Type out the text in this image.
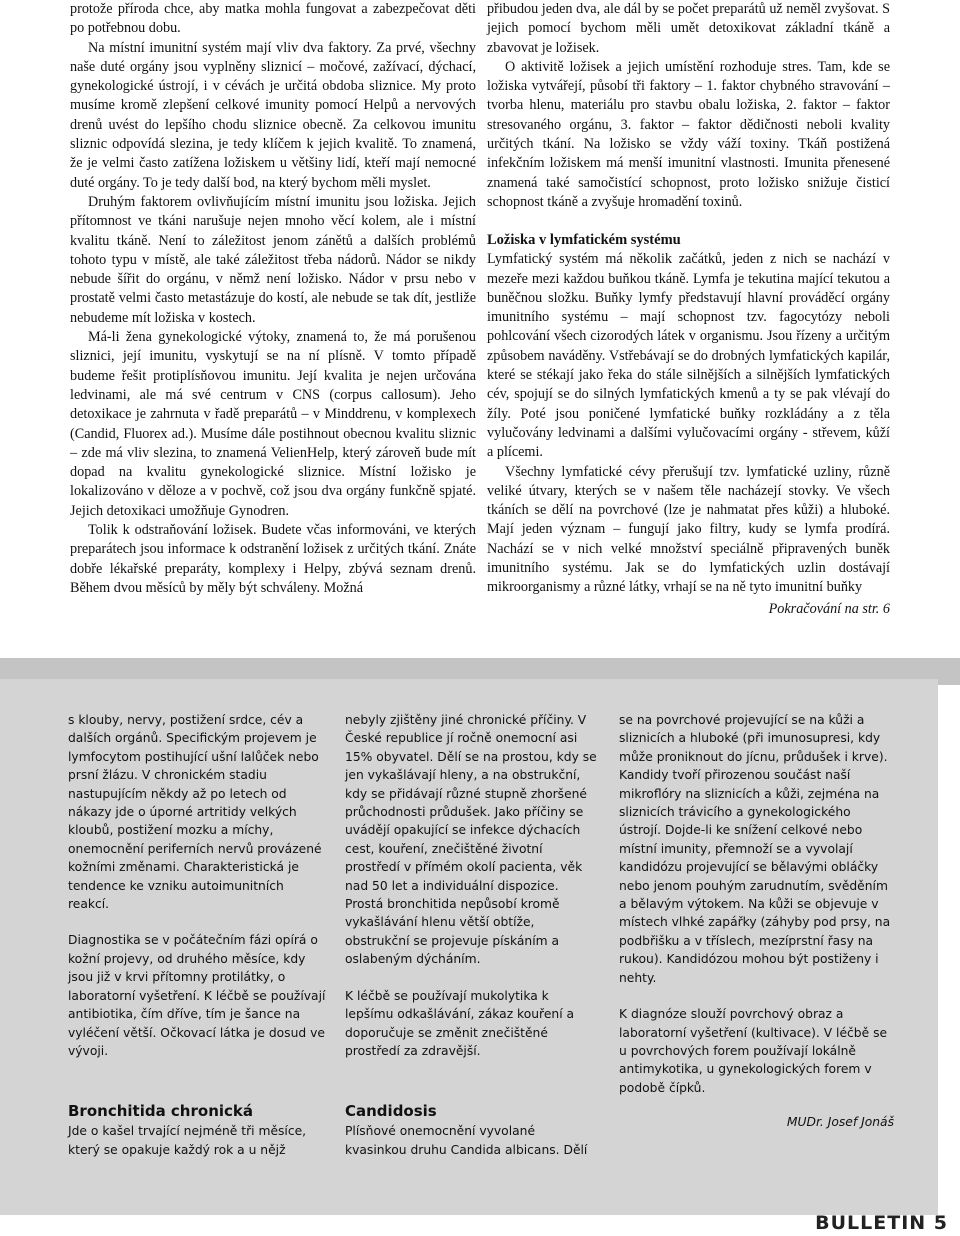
protože příroda chce, aby matka mohla fungovat a zabezpečovat děti po potřebnou dobu.

Na místní imunitní systém mají vliv dva faktory. Za prvé, všechny naše duté orgány jsou vyplněny sliznicí – močové, zažívací, dýchací, gynekologické ústrojí, i v cévách je určitá obdoba sliznice. My proto musíme kromě zlepšení celkové imunity pomocí Helpů a nervových drenů uvést do lepšího chodu sliznice obecně. Za celkovou imunitu sliznic odpovídá slezina, je tedy klíčem k jejich kvalitě. To znamená, že je velmi často zatížena ložiskem u většiny lidí, kteří mají nemocné duté orgány. To je tedy další bod, na který bychom měli myslet.

Druhým faktorem ovlivňujícím místní imunitu jsou ložiska. Jejich přítomnost ve tkáni narušuje nejen mnoho věcí kolem, ale i místní kvalitu tkáně. Není to záležitost jenom zánětů a dalších problémů tohoto typu v místě, ale také záležitost třeba nádorů. Nádor se nikdy nebude šířit do orgánu, v němž není ložisko. Nádor v prsu nebo v prostatě velmi často metastázuje do kostí, ale nebude se tak dít, jestliže nebudeme mít ložiska v kostech.

Má-li žena gynekologické výtoky, znamená to, že má porušenou sliznici, její imunitu, vyskytují se na ní plísně. V tomto případě budeme řešit protiplísňovou imunitu. Její kvalita je nejen určována ledvinami, ale má své centrum v CNS (corpus callosum). Jeho detoxikace je zahrnuta v řadě preparátů – v Minddrenu, v komplexech (Candid, Fluorex ad.). Musíme dále postihnout obecnou kvalitu sliznic – zde má vliv slezina, to znamená VelienHelp, který zároveň bude mít dopad na kvalitu gynekologické sliznice. Místní ložisko je lokalizováno v děloze a v pochvě, což jsou dva orgány funkčně spjaté. Jejich detoxikaci umožňuje Gynodren.

Tolik k odstraňování ložisek. Budete včas informováni, ve kterých preparátech jsou informace k odstranění ložisek z určitých tkání. Znáte dobře lékařské preparáty, komplexy i Helpy, zbývá seznam drenů. Během dvou měsíců by měly být schváleny. Možná

přibudou jeden dva, ale dál by se počet preparátů už neměl zvyšovat. S jejich pomocí bychom měli umět detoxikovat základní tkáně a zbavovat je ložisek.

O aktivitě ložisek a jejich umístění rozhoduje stres. Tam, kde se ložiska vytvářejí, působí tři faktory – 1. faktor chybného stravování – tvorba hlenu, materiálu pro stavbu obalu ložiska, 2. faktor – faktor stresovaného orgánu, 3. faktor – faktor dědičnosti neboli kvality určitých tkání. Na ložisko se vždy váží toxiny. Tkáň postižená infekčním ložiskem má menší imunitní vlastnosti. Imunita přenesené znamená také samočistící schopnost, proto ložisko snižuje čisticí schopnost tkáně a zvyšuje hromadění toxinů.

Ložiska v lymfatickém systému

Lymfatický systém má několik začátků, jeden z nich se nachází v mezeře mezi každou buňkou tkáně. Lymfa je tekutina mající tekutou a buněčnou složku. Buňky lymfy představují hlavní prováděcí orgány imunitního systému – mají schopnost tzv. fagocytózy neboli pohlcování všech cizorodých látek v organismu. Jsou řízeny a určitým způsobem naváděny. Vstřebávají se do drobných lymfatických kapilár, které se stékají jako řeka do stále silnějších a silnějších lymfatických cév, spojují se do silných lymfatických kmenů a ty se pak vlévají do žíly. Poté jsou poničené lymfatické buňky rozkládány a z těla vylučovány ledvinami a dalšími vylučovacími orgány - střevem, kůží a plícemi.

Všechny lymfatické cévy přerušují tzv. lymfatické uzliny, různě veliké útvary, kterých se v našem těle nacházejí stovky. Ve všech tkáních se dělí na povrchové (lze je nahmatat přes kůži) a hluboké. Mají jeden význam – fungují jako filtry, kudy se lymfa prodírá. Nachází se v nich velké množství speciálně připravených buněk imunitního systému. Jak se do lymfatických uzlin dostávají mikroorganismy a různé látky, vrhají se na ně tyto imunitní buňky

Pokračování na str. 6

s klouby, nervy, postižení srdce, cév a dalších orgánů. Specifickým projevem je lymfocytom postihující ušní lalůček nebo prsní žlázu. V chronickém stadiu nastupujícím někdy až po letech od nákazy jde o úporné artritidy velkých kloubů, postižení mozku a míchy, onemocnění periferních nervů provázené kožními změnami. Charakteristická je tendence ke vzniku autoimunitních reakcí.

Diagnostika se v počátečním fázi opírá o kožní projevy, od druhého měsíce, kdy jsou již v krvi přítomny protilátky, o laboratorní vyšetření. K léčbě se používají antibiotika, čím dříve, tím je šance na vyléčení větší. Očkovací látka je dosud ve vývoji.

Bronchitida chronická

Jde o kašel trvající nejméně tři měsíce, který se opakuje každý rok a u nějž

nebyly zjištěny jiné chronické příčiny. V České republice jí ročně onemocní asi 15% obyvatel. Dělí se na prostou, kdy se jen vykašlávají hleny, a na obstrukční, kdy se přidávají různé stupně zhoršené průchodnosti průdušek. Jako příčiny se uvádějí opakující se infekce dýchacích cest, kouření, znečištěné životní prostředí v přímém okolí pacienta, věk nad 50 let a individuální dispozice. Prostá bronchitida nepůsobí kromě vykašlávání hlenu větší obtíže, obstrukční se projevuje pískáním a oslabeným dýcháním.

K léčbě se používají mukolytika k lepšímu odkašlávání, zákaz kouření a doporučuje se změnit znečištěné prostředí za zdravější.

Candidosis

Plísňové onemocnění vyvolané kvasinkou druhu Candida albicans. Dělí

se na povrchové projevující se na kůži a sliznicích a hluboké (při imunosupresi, kdy může proniknout do jícnu, průdušek i krve). Kandidy tvoří přirozenou součást naší mikroflóry na sliznicích a kůži, zejména na sliznicích trávicího a gynekologického ústrojí. Dojde-li ke snížení celkové nebo místní imunity, přemnoží se a vyvolají kandidózu projevující se bělavými obláčky nebo jenom pouhým zarudnutím, svěděním a bělavým výtokem. Na kůži se objevuje v místech vlhké zapářky (záhyby pod prsy, na podbřišku a v tříslech, mezíprstní řasy na rukou). Kandidózou mohou být postiženy i nehty.

K diagnóze slouží povrchový obraz a laboratorní vyšetření (kultivace). V léčbě se u povrchových forem používají lokálně antimykotika, u gynekologických forem v podobě čípků.

MUDr. Josef Jonáš
BULLETIN 5
